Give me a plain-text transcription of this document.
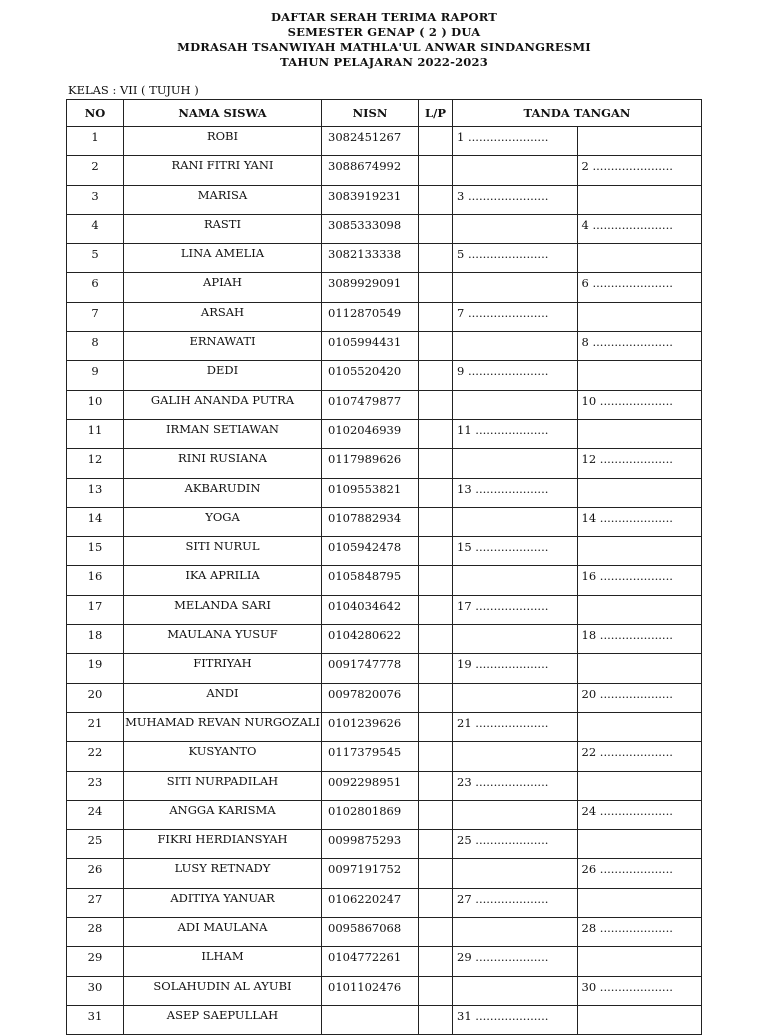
DAFTAR SERAH TERIMA RAPORT
SEMESTER GENAP ( 2 ) DUA
MDRASAH TSANWIYAH MATHLA'UL ANWAR SINDANGRESMI
TAHUN PELAJARAN 2022-2023
KELAS : VII ( TUJUH )
NO	NAMA SISWA	NISN	L/P	TANDA TANGAN	
1	ROBI	3082451267		1 ......................	
2	RANI FITRI YANI	3088674992			2 ......................
3	MARISA	3083919231		3 ......................	
4	RASTI	3085333098			4 ......................
5	LINA AMELIA	3082133338		5 ......................	
6	APIAH	3089929091			6 ......................
7	ARSAH	0112870549		7 ......................	
8	ERNAWATI	0105994431			8 ......................
9	DEDI	0105520420		9 ......................	
10	GALIH ANANDA PUTRA	0107479877			10 ....................
11	IRMAN SETIAWAN	0102046939		11 ....................	
12	RINI RUSIANA	0117989626			12 ....................
13	AKBARUDIN	0109553821		13 ....................	
14	YOGA	0107882934			14 ....................
15	SITI NURUL	0105942478		15 ....................	
16	IKA APRILIA	0105848795			16 ....................
17	MELANDA SARI	0104034642		17 ....................	
18	MAULANA YUSUF	0104280622			18 ....................
19	FITRIYAH	0091747778		19 ....................	
20	ANDI	0097820076			20 ....................
21	MUHAMAD REVAN NURGOZALI	0101239626		21 ....................	
22	KUSYANTO	0117379545			22 ....................
23	SITI NURPADILAH	0092298951		23 ....................	
24	ANGGA KARISMA	0102801869			24 ....................
25	FIKRI HERDIANSYAH	0099875293		25 ....................	
26	LUSY RETNADY	0097191752			26 ....................
27	ADITIYA YANUAR	0106220247		27 ....................	
28	ADI MAULANA	0095867068			28 ....................
29	ILHAM	0104772261		29 ....................	
30	SOLAHUDIN AL AYUBI	0101102476			30 ....................
31	ASEP SAEPULLAH			31 ....................	
